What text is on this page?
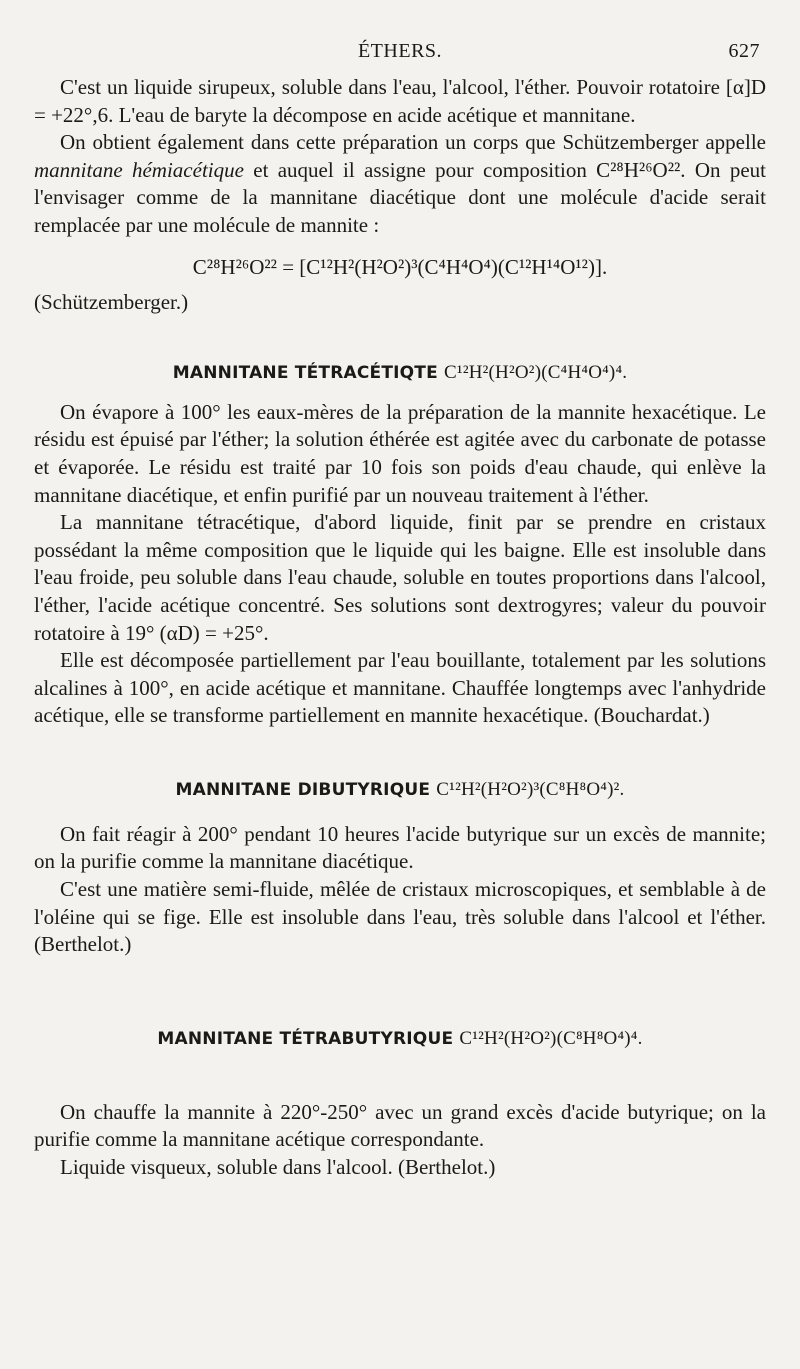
ÉTHERS.	627

C'est un liquide sirupeux, soluble dans l'eau, l'alcool, l'éther. Pouvoir rotatoire [α]D = +22°,6. L'eau de baryte la décompose en acide acétique et mannitane.

On obtient également dans cette préparation un corps que Schützemberger appelle mannitane hémiacétique et auquel il assigne pour composition C²⁸H²⁶O²². On peut l'envisager comme de la mannitane diacétique dont une molécule d'acide serait remplacée par une molécule de mannite :

C²⁸H²⁶O²² = [C¹²H²(H²O²)³(C⁴H⁴O⁴)(C¹²H¹⁴O¹²)].

(Schützemberger.)

MANNITANE TÉTRACÉTIQTE C¹²H²(H²O²)(C⁴H⁴O⁴)⁴.

On évapore à 100° les eaux-mères de la préparation de la mannite hexacétique. Le résidu est épuisé par l'éther; la solution éthérée est agitée avec du carbonate de potasse et évaporée. Le résidu est traité par 10 fois son poids d'eau chaude, qui enlève la mannitane diacétique, et enfin purifié par un nouveau traitement à l'éther.

La mannitane tétracétique, d'abord liquide, finit par se prendre en cristaux possédant la même composition que le liquide qui les baigne. Elle est insoluble dans l'eau froide, peu soluble dans l'eau chaude, soluble en toutes proportions dans l'alcool, l'éther, l'acide acétique concentré. Ses solutions sont dextrogyres; valeur du pouvoir rotatoire à 19° (αD) = +25°.

Elle est décomposée partiellement par l'eau bouillante, totalement par les solutions alcalines à 100°, en acide acétique et mannitane. Chauffée longtemps avec l'anhydride acétique, elle se transforme partiellement en mannite hexacétique. (Bouchardat.)

MANNITANE DIBUTYRIQUE C¹²H²(H²O²)³(C⁸H⁸O⁴)².

On fait réagir à 200° pendant 10 heures l'acide butyrique sur un excès de mannite; on la purifie comme la mannitane diacétique.

C'est une matière semi-fluide, mêlée de cristaux microscopiques, et semblable à de l'oléine qui se fige. Elle est insoluble dans l'eau, très soluble dans l'alcool et l'éther. (Berthelot.)

MANNITANE TÉTRABUTYRIQUE C¹²H²(H²O²)(C⁸H⁸O⁴)⁴.

On chauffe la mannite à 220°-250° avec un grand excès d'acide butyrique; on la purifie comme la mannitane acétique correspondante.

Liquide visqueux, soluble dans l'alcool. (Berthelot.)
